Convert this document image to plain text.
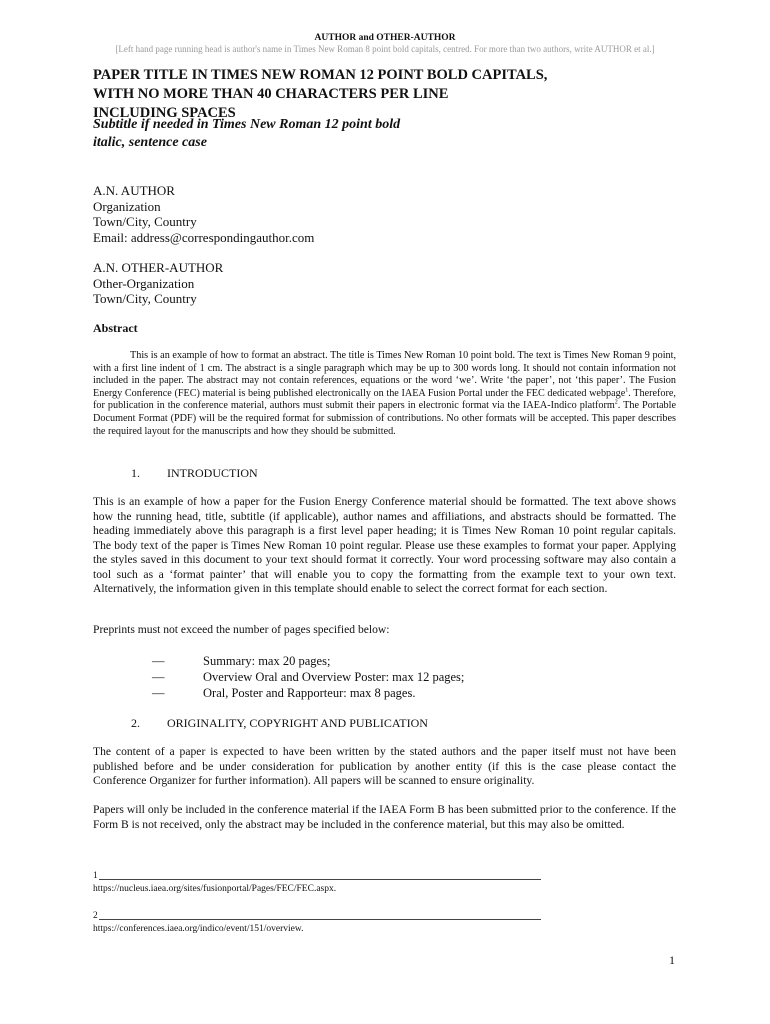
AUTHOR and OTHER-AUTHOR
[Left hand page running head is author's name in Times New Roman 8 point bold capitals, centred. For more than two authors, write AUTHOR et al.]
PAPER TITLE IN TIMES NEW ROMAN 12 POINT BOLD CAPITALS,
WITH NO MORE THAN 40 CHARACTERS PER LINE
INCLUDING SPACES
Subtitle if needed in Times New Roman 12 point bold
italic, sentence case
A.N. AUTHOR
Organization
Town/City, Country
Email: address@correspondingauthor.com
A.N. OTHER-AUTHOR
Other-Organization
Town/City, Country
Abstract
This is an example of how to format an abstract. The title is Times New Roman 10 point bold. The text is Times New Roman 9 point, with a first line indent of 1 cm. The abstract is a single paragraph which may be up to 300 words long. It should not contain information not included in the paper. The abstract may not contain references, equations or the word ‘we’. Write ‘the paper’, not ‘this paper’. The Fusion Energy Conference (FEC) material is being published electronically on the IAEA Fusion Portal under the FEC dedicated webpage$^1$. Therefore, for publication in the conference material, authors must submit their papers in electronic format via the IAEA-Indico platform$^2$. The Portable Document Format (PDF) will be the required format for submission of contributions. No other formats will be accepted. This paper describes the required layout for the manuscripts and how they should be submitted.
1. INTRODUCTION
This is an example of how a paper for the Fusion Energy Conference material should be formatted. The text above shows how the running head, title, subtitle (if applicable), author names and affiliations, and abstracts should be formatted. The heading immediately above this paragraph is a first level paper heading; it is Times New Roman 10 point regular capitals. The body text of the paper is Times New Roman 10 point regular. Please use these examples to format your paper. Applying the styles saved in this document to your text should format it correctly. Your word processing software may also contain a tool such as a ‘format painter’ that will enable you to copy the formatting from the example text to your own text. Alternatively, the information given in this template should enable to select the correct format for each section.
Preprints must not exceed the number of pages specified below:
—	Summary: max 20 pages;
—	Overview Oral and Overview Poster: max 12 pages;
—	Oral, Poster and Rapporteur: max 8 pages.
2. ORIGINALITY, COPYRIGHT AND PUBLICATION
The content of a paper is expected to have been written by the stated authors and the paper itself must not have been published before and be under consideration for publication by another entity (if this is the case please contact the Conference Organizer for further information). All papers will be scanned to ensure originality.
Papers will only be included in the conference material if the IAEA Form B has been submitted prior to the conference. If the Form B is not received, only the abstract may be included in the conference material, but this may also be omitted.
1
https://nucleus.iaea.org/sites/fusionportal/Pages/FEC/FEC.aspx.
2
https://conferences.iaea.org/indico/event/151/overview.
1
